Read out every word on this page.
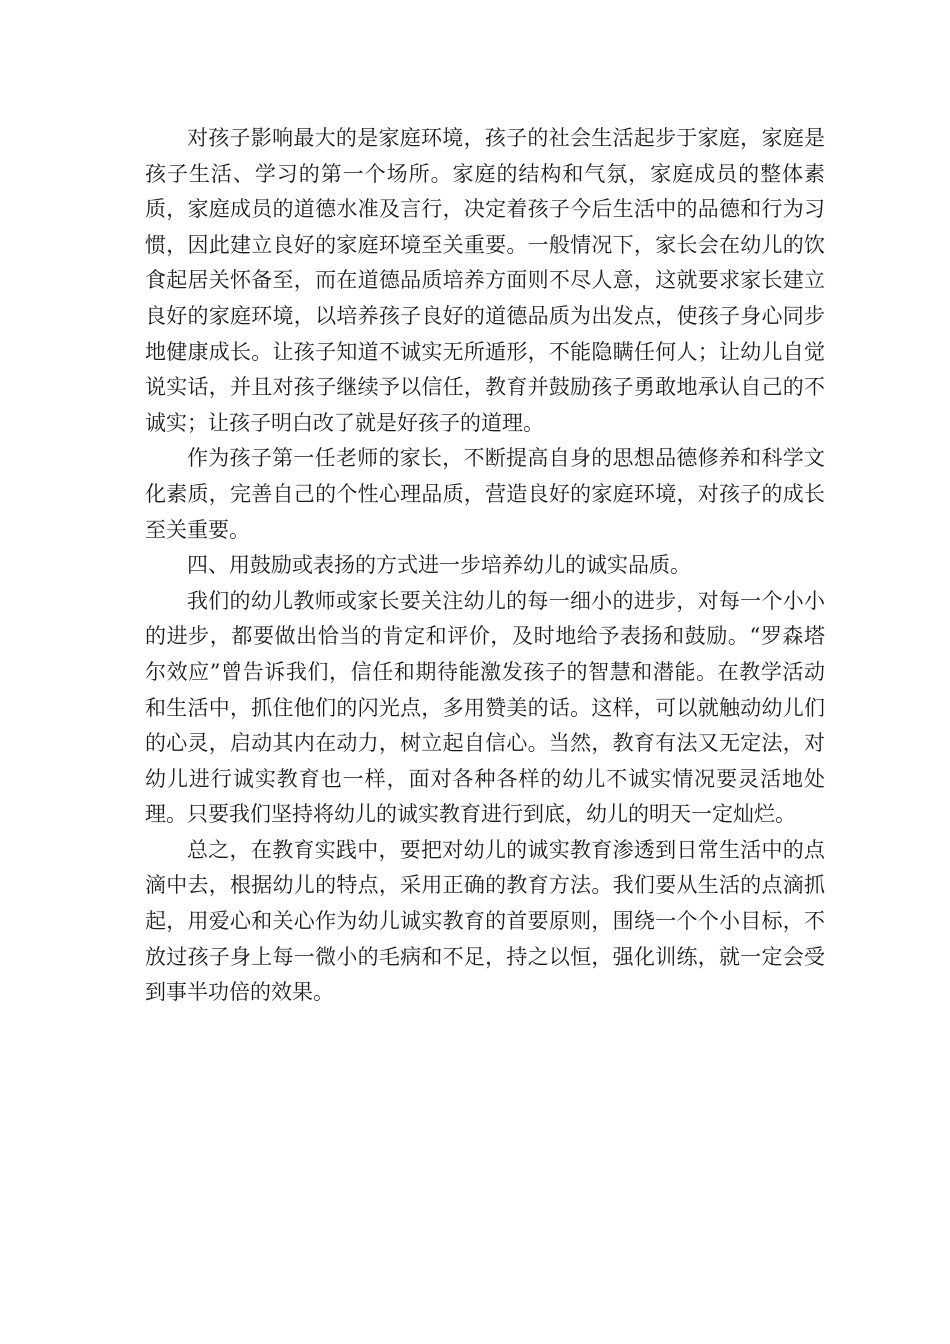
对孩子影响最大的是家庭环境，孩子的社会生活起步于家庭，家庭是孩子生活、学习的第一个场所。家庭的结构和气氛，家庭成员的整体素质，家庭成员的道德水准及言行，决定着孩子今后生活中的品德和行为习惯，因此建立良好的家庭环境至关重要。一般情况下，家长会在幼儿的饮食起居关怀备至，而在道德品质培养方面则不尽人意，这就要求家长建立良好的家庭环境，以培养孩子良好的道德品质为出发点，使孩子身心同步地健康成长。让孩子知道不诚实无所遁形，不能隐瞒任何人；让幼儿自觉说实话，并且对孩子继续予以信任，教育并鼓励孩子勇敢地承认自己的不诚实；让孩子明白改了就是好孩子的道理。

作为孩子第一任老师的家长，不断提高自身的思想品德修养和科学文化素质，完善自己的个性心理品质，营造良好的家庭环境，对孩子的成长至关重要。

四、用鼓励或表扬的方式进一步培养幼儿的诚实品质。

我们的幼儿教师或家长要关注幼儿的每一细小的进步，对每一个小小的进步，都要做出恰当的肯定和评价，及时地给予表扬和鼓励。“罗森塔尔效应”曾告诉我们，信任和期待能激发孩子的智慧和潜能。在教学活动和生活中，抓住他们的闪光点，多用赞美的话。这样，可以就触动幼儿们的心灵，启动其内在动力，树立起自信心。当然，教育有法又无定法，对幼儿进行诚实教育也一样，面对各种各样的幼儿不诚实情况要灵活地处理。只要我们坚持将幼儿的诚实教育进行到底，幼儿的明天一定灿烂。

总之，在教育实践中，要把对幼儿的诚实教育渗透到日常生活中的点滴中去，根据幼儿的特点，采用正确的教育方法。我们要从生活的点滴抓起，用爱心和关心作为幼儿诚实教育的首要原则，围绕一个个小目标，不放过孩子身上每一微小的毛病和不足，持之以恒，强化训练，就一定会受到事半功倍的效果。
